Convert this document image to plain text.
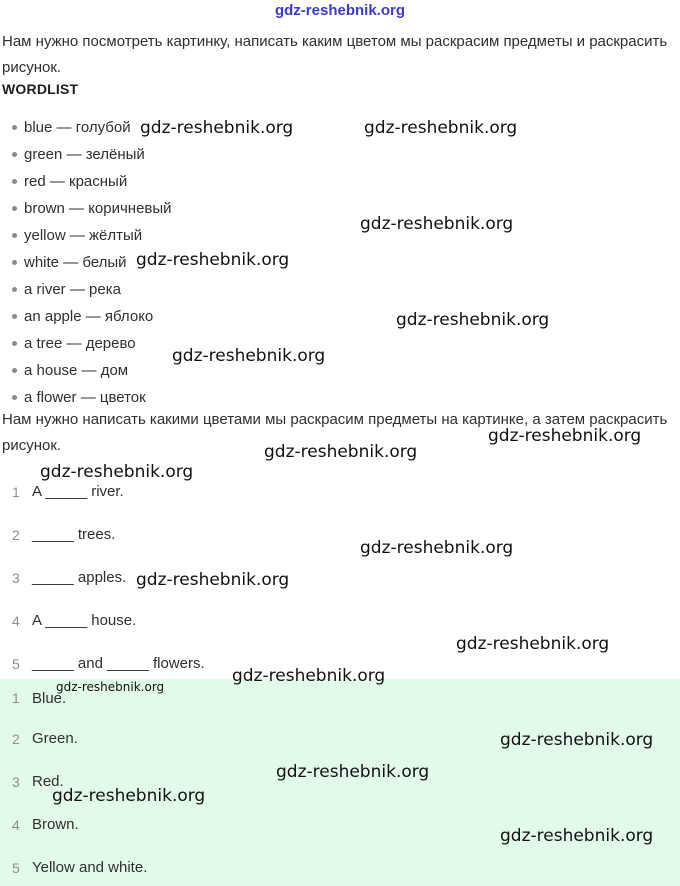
gdz-reshebnik.org

Нам нужно посмотреть картинку, написать каким цветом мы раскрасим предметы и раскрасить рисунок.

WORDLIST
blue — голубой
green — зелёный
red — красный
brown — коричневый
yellow — жёлтый
white — белый
a river — река
an apple — яблоко
a tree — дерево
a house — дом
a flower — цветок

Нам нужно написать какими цветами мы раскрасим предметы на картинке, а затем раскрасить рисунок.

1 A _____ river.
2 _____ trees.
3 _____ apples.
4 A _____ house.
5 _____ and _____ flowers.
1 Blue.
2 Green.
3 Red.
4 Brown.
5 Yellow and white.
gdz-reshebnik.org	gdz-reshebnik.org
gdz-reshebnik.org
gdz-reshebnik.org
gdz-reshebnik.org
gdz-reshebnik.org
gdz-reshebnik.org
gdz-reshebnik.org
gdz-reshebnik.org
gdz-reshebnik.org
gdz-reshebnik.org
gdz-reshebnik.org
gdz-reshebnik.org
gdz-reshebnik.org
gdz-reshebnik.org
gdz-reshebnik.org
gdz-reshebnik.org
gdz-reshebnik.org
